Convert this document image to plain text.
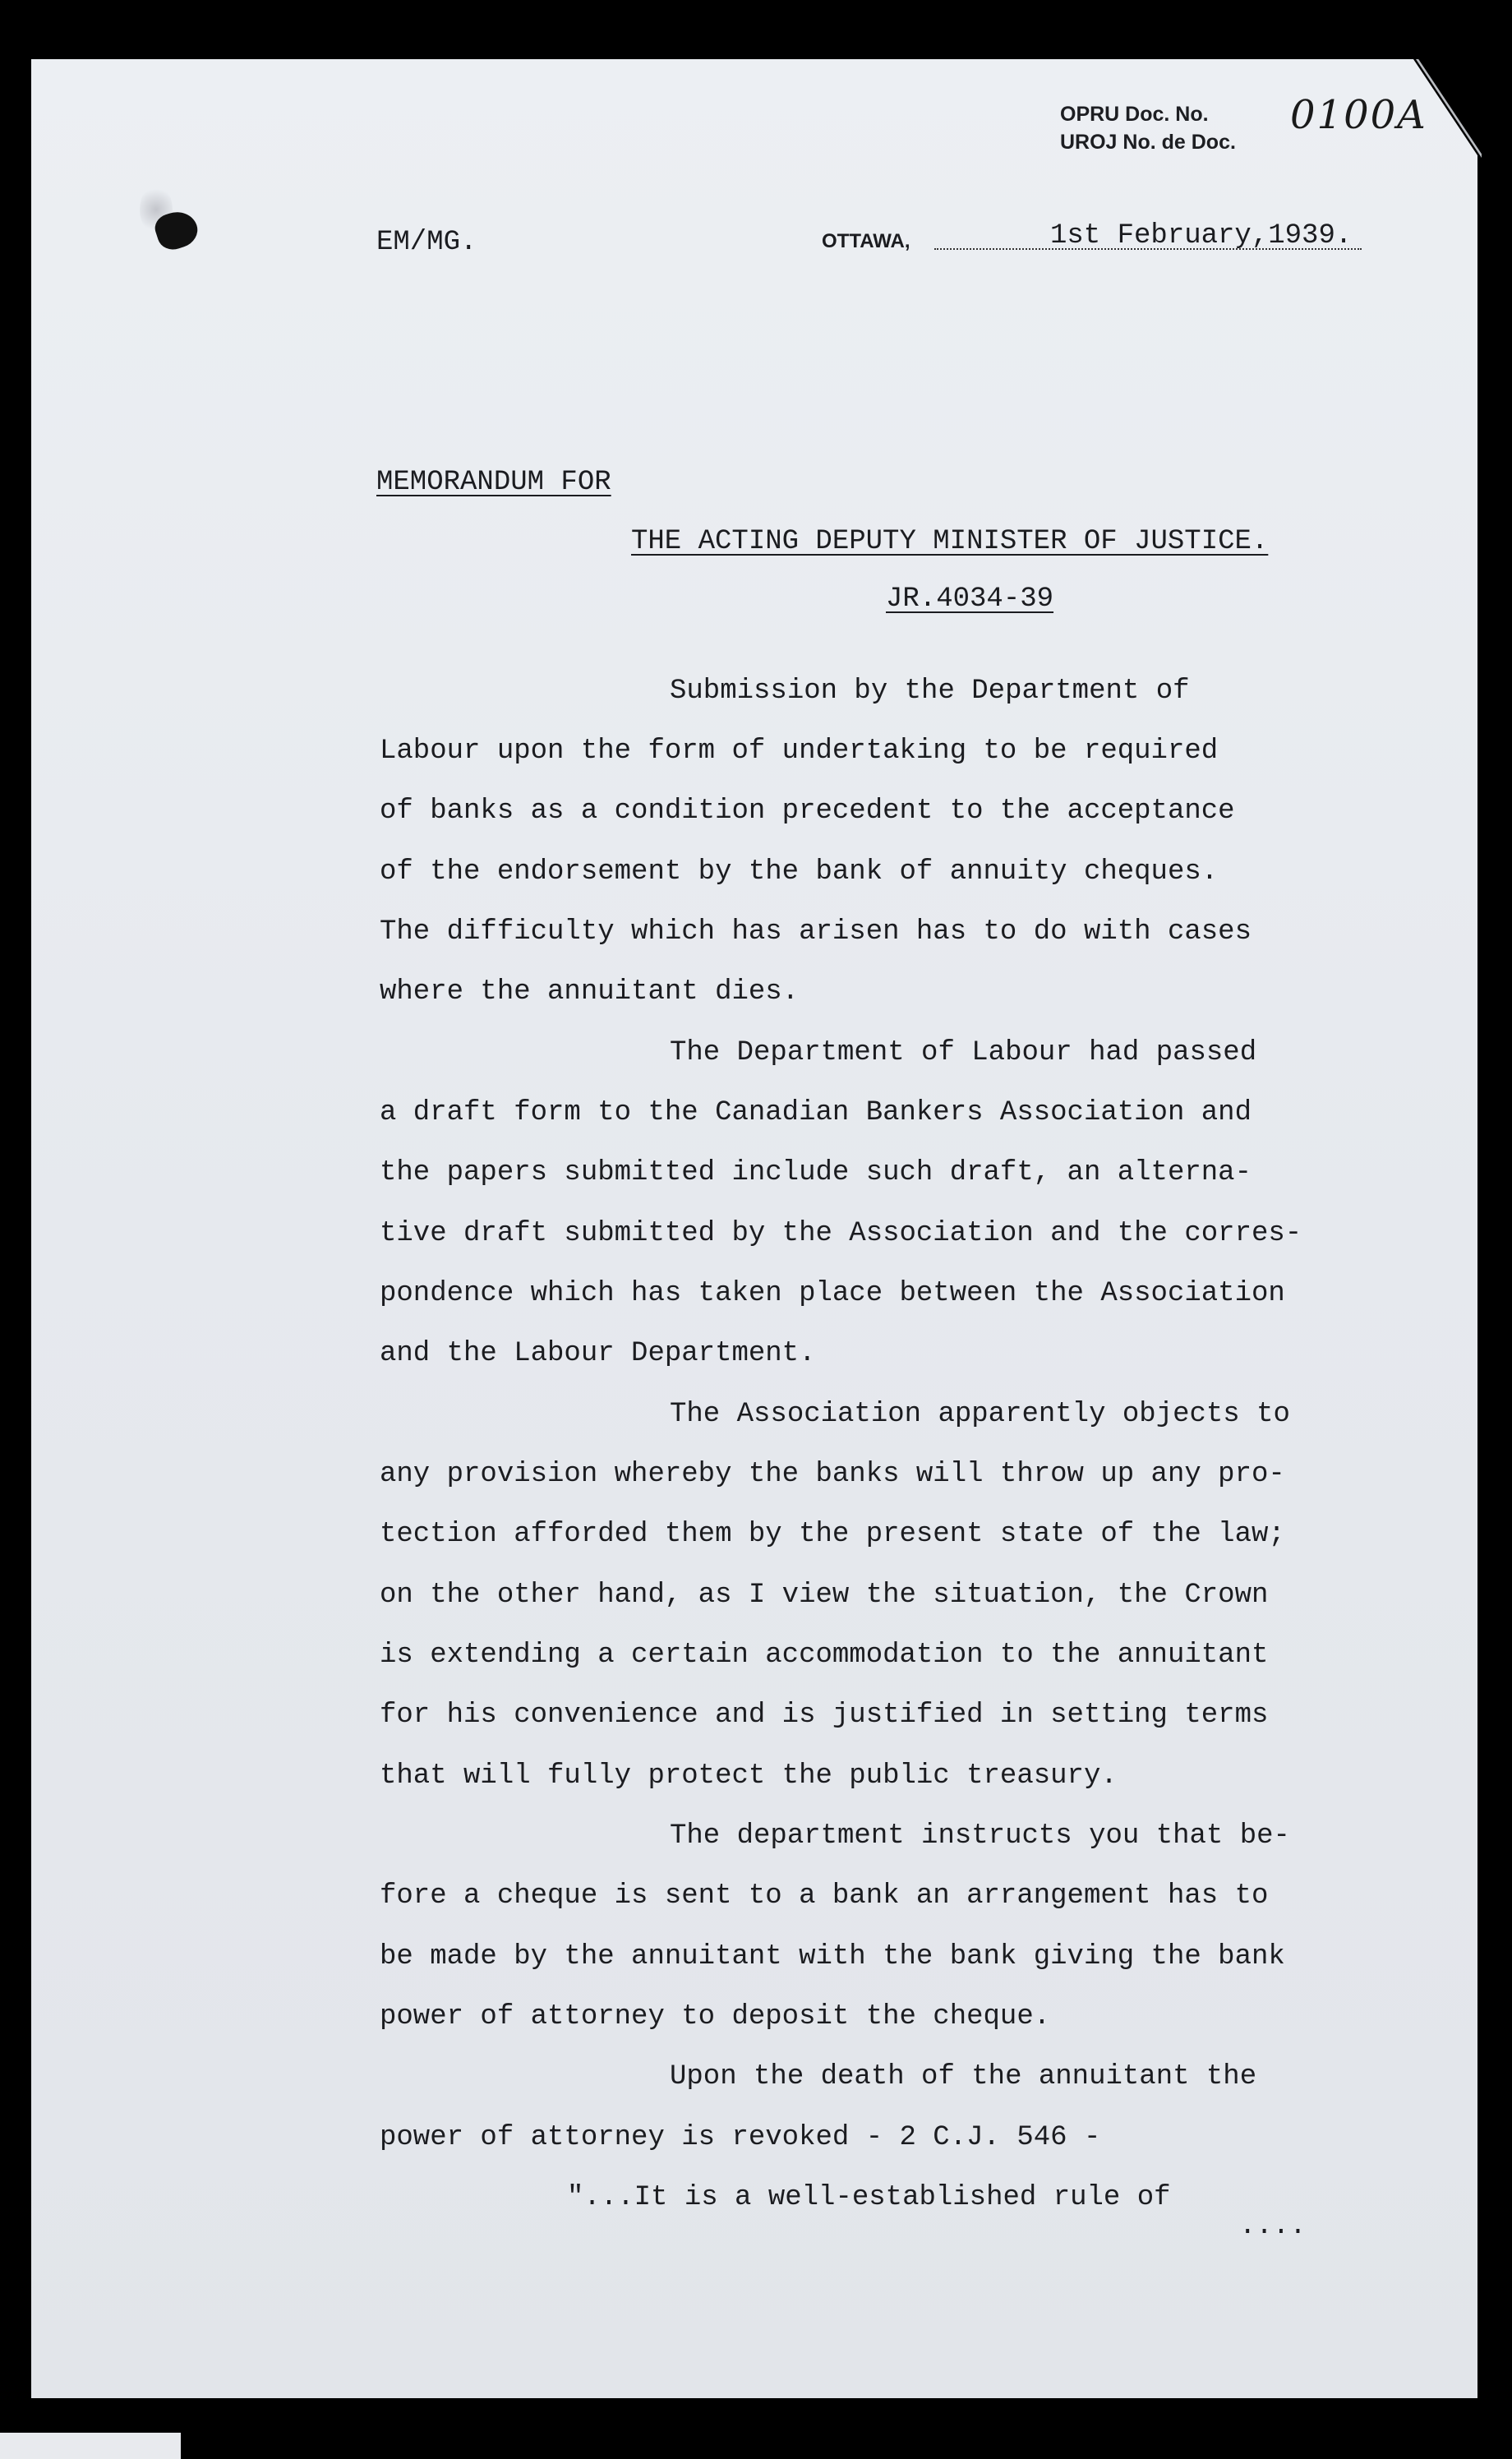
OPRU Doc. No.
UROJ No. de Doc.
0100A
EM/MG.	OTTAWA,	1st February,1939.
MEMORANDUM FOR
THE ACTING DEPUTY MINISTER OF JUSTICE.
JR.4034-39
Submission by the Department of
Labour upon the form of undertaking to be required
of banks as a condition precedent to the acceptance
of the endorsement by the bank of annuity cheques.
The difficulty which has arisen has to do with cases
where the annuitant dies.
The Department of Labour had passed
a draft form to the Canadian Bankers Association and
the papers submitted include such draft, an alterna-
tive draft submitted by the Association and the corres-
pondence which has taken place between the Association
and the Labour Department.
The Association apparently objects to
any provision whereby the banks will throw up any pro-
tection afforded them by the present state of the law;
on the other hand, as I view the situation, the Crown
is extending a certain accommodation to the annuitant
for his convenience and is justified in setting terms
that will fully protect the public treasury.
The department instructs you that be-
fore a cheque is sent to a bank an arrangement has to
be made by the annuitant with the bank giving the bank
power of attorney to deposit the cheque.
Upon the death of the annuitant the
power of attorney is revoked - 2 C.J. 546 -
"...It is a well-established rule of
....
